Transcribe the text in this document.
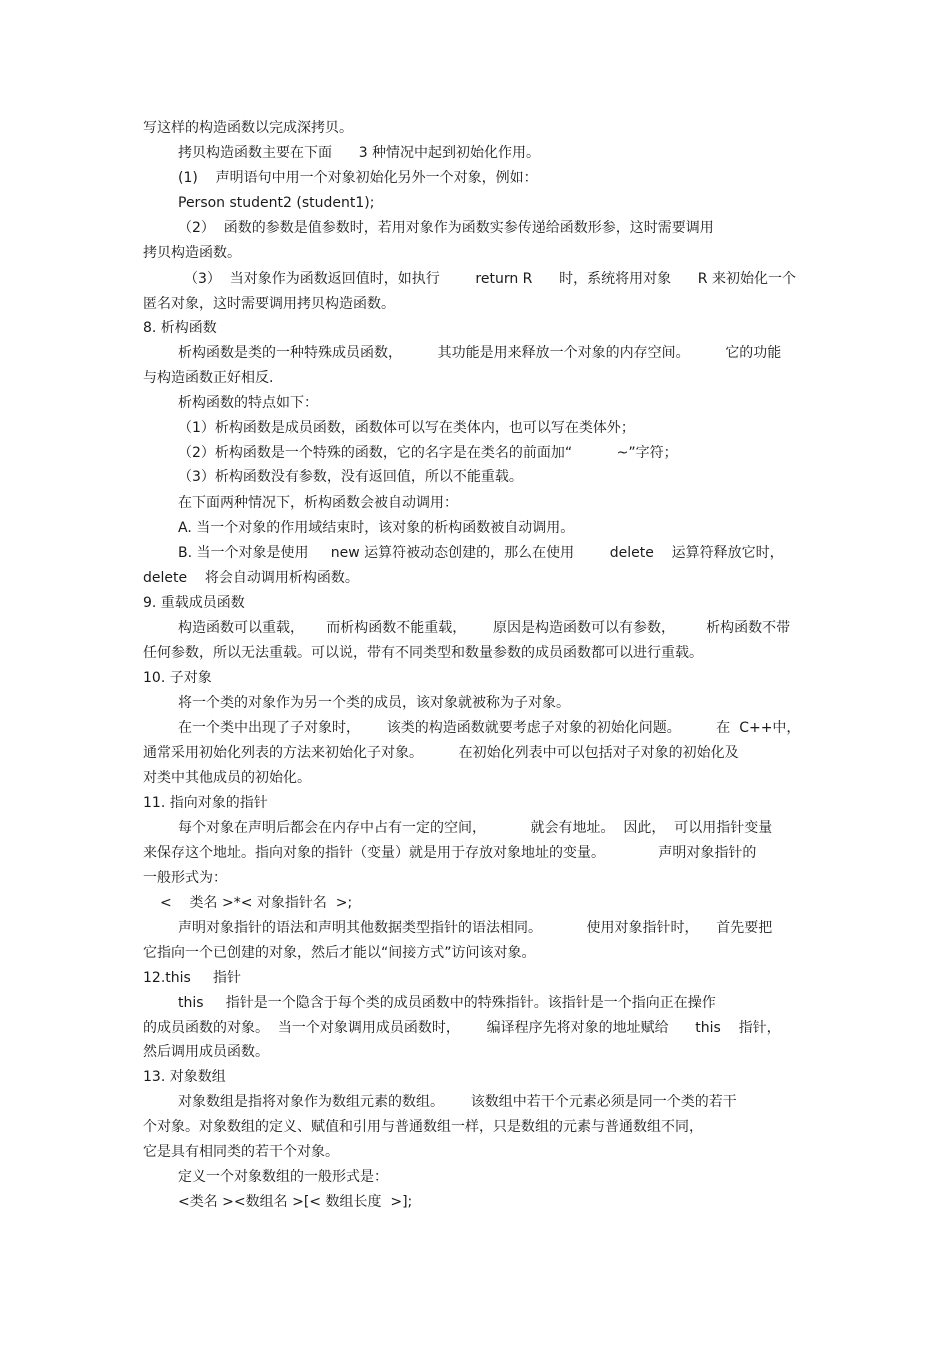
写这样的构造函数以完成深拷贝。
拷贝构造函数主要在下面      3 种情况中起到初始化作用。
(1)    声明语句中用一个对象初始化另外一个对象，例如：
Person student2 (student1);
（2）  函数的参数是值参数时，若用对象作为函数实参传递给函数形参，这时需要调用
拷贝构造函数。
（3）  当对象作为函数返回值时，如执行        return R      时，系统将用对象      R 来初始化一个
匿名对象，这时需要调用拷贝构造函数。
8. 析构函数
析构函数是类的一种特殊成员函数，        其功能是用来释放一个对象的内存空间。        它的功能
与构造函数正好相反.
析构函数的特点如下：
（1）析构函数是成员函数，函数体可以写在类体内，也可以写在类体外；
（2）析构函数是一个特殊的函数，它的名字是在类名的前面加“          ~”字符；
（3）析构函数没有参数，没有返回值，所以不能重载。
在下面两种情况下，析构函数会被自动调用：
A. 当一个对象的作用域结束时，该对象的析构函数被自动调用。
B. 当一个对象是使用     new 运算符被动态创建的，那么在使用        delete    运算符释放它时，
delete    将会自动调用析构函数。
9. 重载成员函数
构造函数可以重载，     而析构函数不能重载，      原因是构造函数可以有参数，       析构函数不带
任何参数，所以无法重载。可以说，带有不同类型和数量参数的成员函数都可以进行重载。
10. 子对象
将一个类的对象作为另一个类的成员，该对象就被称为子对象。
在一个类中出现了子对象时，      该类的构造函数就要考虑子对象的初始化问题。        在  C++中，
通常采用初始化列表的方法来初始化子对象。        在初始化列表中可以包括对子对象的初始化及
对类中其他成员的初始化。
11. 指向对象的指针
每个对象在声明后都会在内存中占有一定的空间，          就会有地址。  因此，  可以用指针变量
来保存这个地址。指向对象的指针（变量）就是用于存放对象地址的变量。            声明对象指针的
一般形式为：
<    类名 >*< 对象指针名  >;
声明对象指针的语法和声明其他数据类型指针的语法相同。          使用对象指针时，    首先要把
它指向一个已创建的对象，然后才能以“间接方式”访问该对象。
12.this     指针
this     指针是一个隐含于每个类的成员函数中的特殊指针。该指针是一个指向正在操作
的成员函数的对象。  当一个对象调用成员函数时，      编译程序先将对象的地址赋给      this    指针，
然后调用成员函数。
13. 对象数组
对象数组是指将对象作为数组元素的数组。      该数组中若干个元素必须是同一个类的若干
个对象。对象数组的定义、赋值和引用与普通数组一样，只是数组的元素与普通数组不同，
它是具有相同类的若干个对象。
定义一个对象数组的一般形式是：
<类名 ><数组名 >[< 数组长度  >];
